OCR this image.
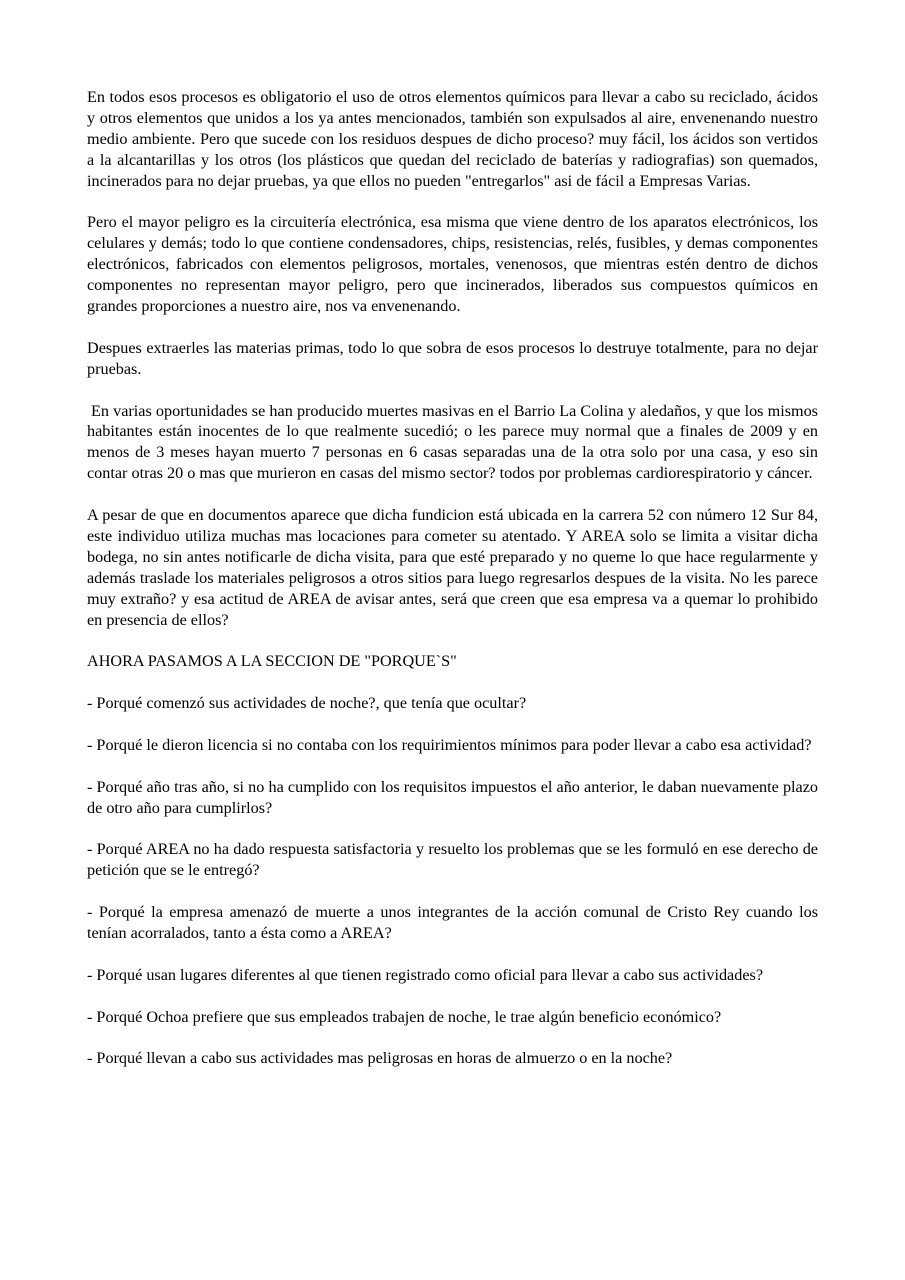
En todos esos procesos es obligatorio el uso de otros elementos químicos para llevar a cabo su reciclado, ácidos y otros elementos que unidos a los ya antes mencionados, también son expulsados al aire, envenenando nuestro medio ambiente. Pero que sucede con los residuos despues de dicho proceso? muy fácil, los ácidos son vertidos a la alcantarillas y los otros (los plásticos que quedan del reciclado de baterías y radiografias) son quemados, incinerados para no dejar pruebas, ya que ellos no pueden "entregarlos" asi de fácil a Empresas Varias.

Pero el mayor peligro es la circuitería electrónica, esa misma que viene dentro de los aparatos electrónicos, los celulares y demás; todo lo que contiene condensadores, chips, resistencias, relés, fusibles, y demas componentes electrónicos, fabricados con elementos peligrosos, mortales, venenosos, que mientras estén dentro de dichos componentes no representan mayor peligro, pero que incinerados, liberados sus compuestos químicos en grandes proporciones a nuestro aire, nos va envenenando.

Despues extraerles las materias primas, todo lo que sobra de esos procesos lo destruye totalmente, para no dejar pruebas.

En varias oportunidades se han producido muertes masivas en el Barrio La Colina y aledaños, y que los mismos habitantes están inocentes de lo que realmente sucedió; o les parece muy normal que a finales de 2009 y en menos de 3 meses hayan muerto 7 personas en 6 casas separadas una de la otra solo por una casa, y eso sin contar otras 20 o mas que murieron en casas del mismo sector? todos por problemas cardiorespiratorio y cáncer.

A pesar de que en documentos aparece que dicha fundicion está ubicada en la carrera 52 con número 12 Sur 84, este individuo utiliza muchas mas locaciones para cometer su atentado. Y AREA solo se limita a visitar dicha bodega, no sin antes notificarle de dicha visita, para que esté preparado y no queme lo que hace regularmente y además traslade los materiales peligrosos a otros sitios para luego regresarlos despues de la visita. No les parece muy extraño? y esa actitud de AREA de avisar antes, será que creen que esa empresa va a quemar lo prohibido en presencia de ellos?

AHORA PASAMOS A LA SECCION DE "PORQUE`S"

- Porqué comenzó sus actividades de noche?, que tenía que ocultar?

- Porqué le dieron licencia si no contaba con los requirimientos mínimos para poder llevar a cabo esa actividad?

- Porqué año tras año, si no ha cumplido con los requisitos impuestos el año anterior, le daban nuevamente plazo de otro año para cumplirlos?

- Porqué AREA no ha dado respuesta satisfactoria y resuelto los problemas que se les formuló en ese derecho de petición que se le entregó?

- Porqué la empresa amenazó de muerte a unos integrantes de la acción comunal de Cristo Rey cuando los tenían acorralados, tanto a ésta como a AREA?

- Porqué usan lugares diferentes al que tienen registrado como oficial para llevar a cabo sus actividades?

- Porqué Ochoa prefiere que sus empleados trabajen de noche, le trae algún beneficio económico?

- Porqué llevan a cabo sus actividades mas peligrosas en horas de almuerzo o en la noche?
